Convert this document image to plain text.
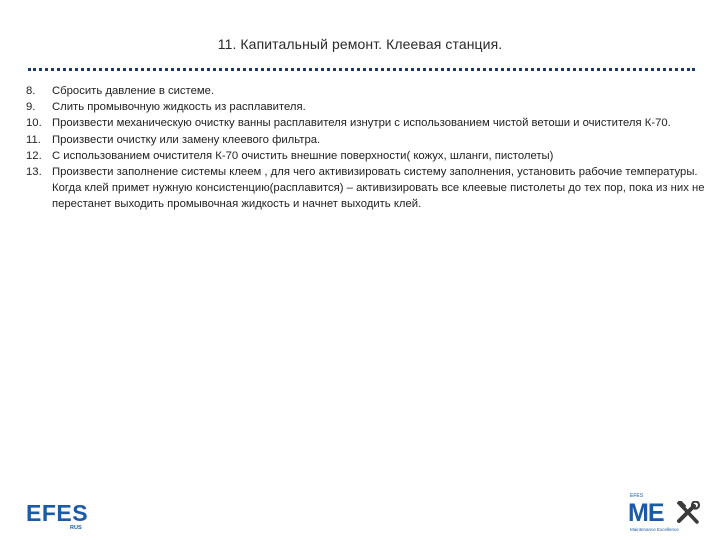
11. Капитальный ремонт. Клеевая станция.
8.	Сбросить давление в системе.
9.	Слить промывочную жидкость из расплавителя.
10. Произвести механическую очистку ванны расплавителя изнутри с использованием чистой ветоши и очистителя К-70.
11. Произвести очистку или замену клеевого фильтра.
12. С использованием очистителя К-70 очистить внешние поверхности( кожух, шланги, пистолеты)
13. Произвести заполнение системы клеем , для чего активизировать систему заполнения, установить рабочие температуры. Когда клей примет нужную консистенцию(расплавится) – активизировать все клеевые пистолеты до тех пор, пока из них не перестанет выходить промывочная жидкость и начнет выходить клей.
EFES
RUS
EFES
ME
Maintenance Excellence
